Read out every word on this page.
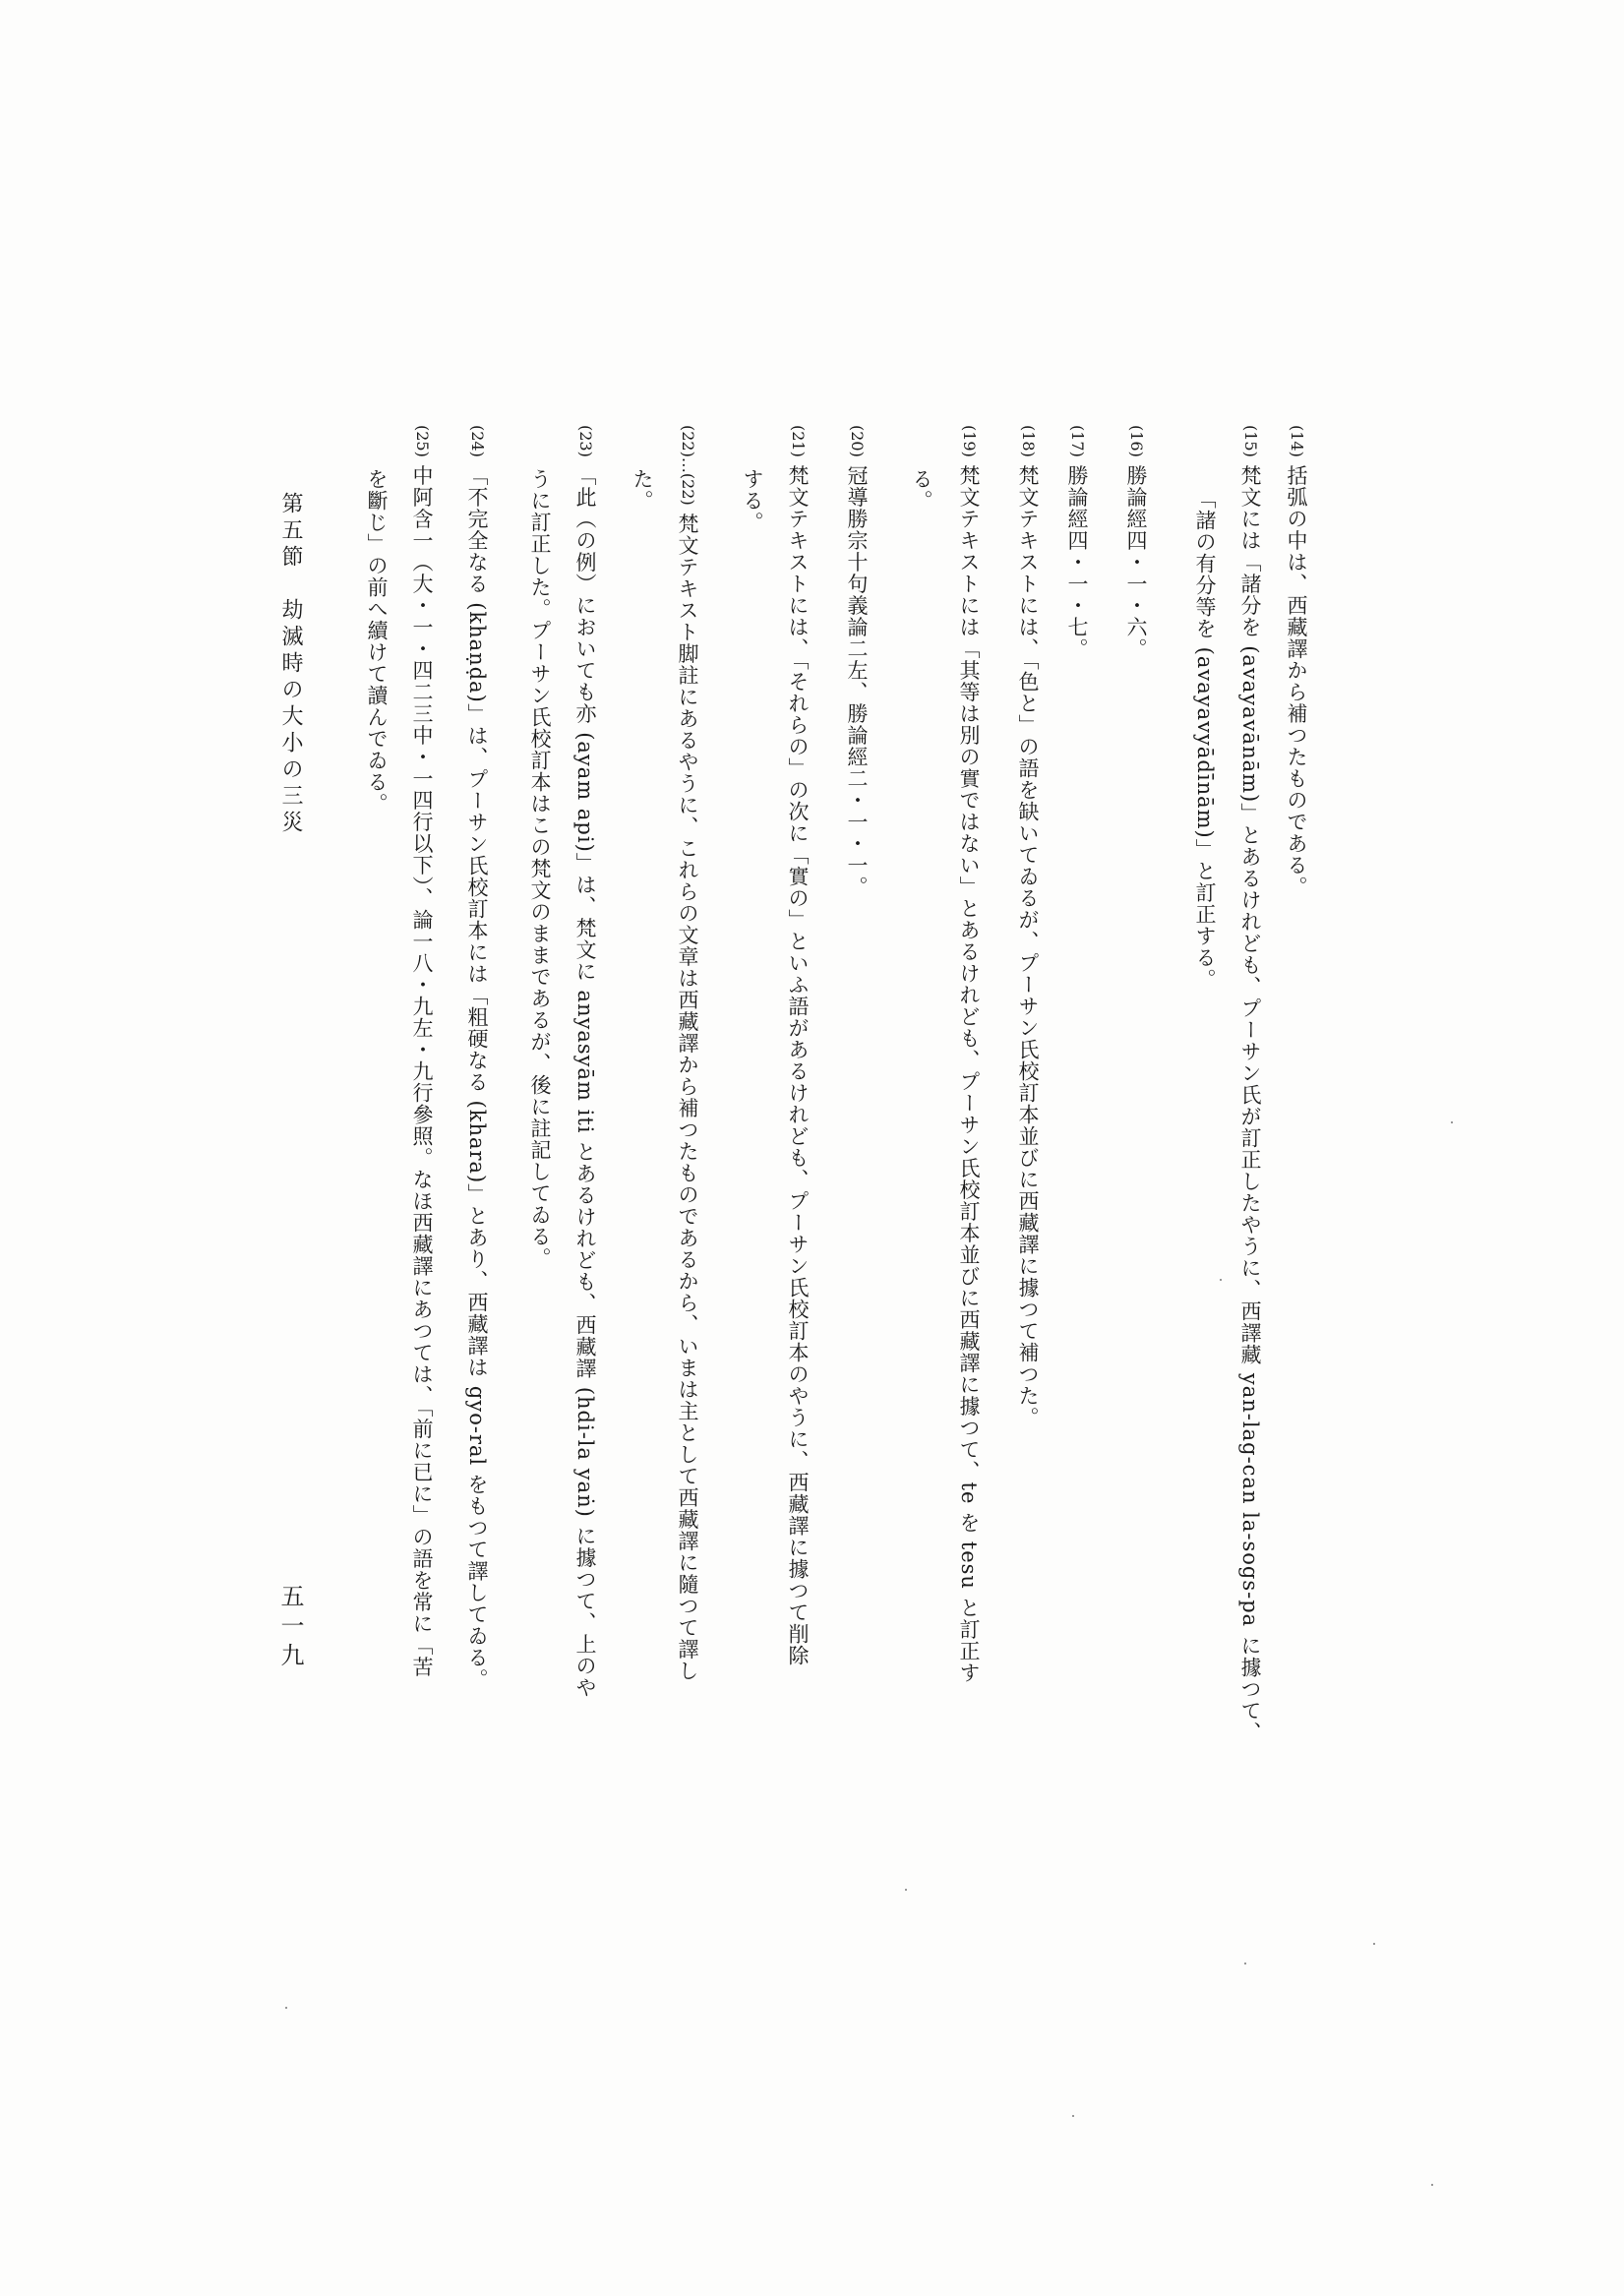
(14) 括弧の中は、西藏譯から補つたものである。
(15) 梵文には「諸分を (avayavānām)」とあるけれども、プーサン氏が訂正したやうに、西譯藏 yan-lag-can la-sogs-pa に據つて、
「諸の有分等を (avayavyādīnām)」と訂正する。
(16) 勝論經四・一・六。
(17) 勝論經四・一・七。
(18) 梵文テキストには、「色と」の語を缺いてゐるが、プーサン氏校訂本並びに西藏譯に據つて補つた。
(19) 梵文テキストには「其等は別の實ではない」とあるけれども、プーサン氏校訂本並びに西藏譯に據つて、te を tesu と訂正す
る。
(20) 冠導勝宗十句義論二左、勝論經二・一・一。
(21) 梵文テキストには、「それらの」の次に「實の」といふ語があるけれども、プーサン氏校訂本のやうに、西藏譯に據つて削除
する。
(22)…(22) 梵文テキスト脚註にあるやうに、これらの文章は西藏譯から補つたものであるから、いまは主として西藏譯に隨つて譯し
た。
(23) 「此（の例）においても亦 (ayam api)」は、梵文に anyasyām iti とあるけれども、西藏譯 (hdi-la yaṅ) に據つて、上のや
うに訂正した。プーサン氏校訂本はこの梵文のままであるが、後に註記してゐる。
(24) 「不完全なる (khaṇḍa)」は、プーサン氏校訂本には「粗硬なる (khara)」とあり、西藏譯は gyo-ral をもつて譯してゐる。
(25) 中阿含一（大・一・四二三中・一四行以下）、論一八・九左・九行參照。なほ西藏譯にあつては、「前に已に」の語を常に「苦
を斷じ」の前へ續けて讀んでゐる。
第五節　劫滅時の大小の三災
五一九
